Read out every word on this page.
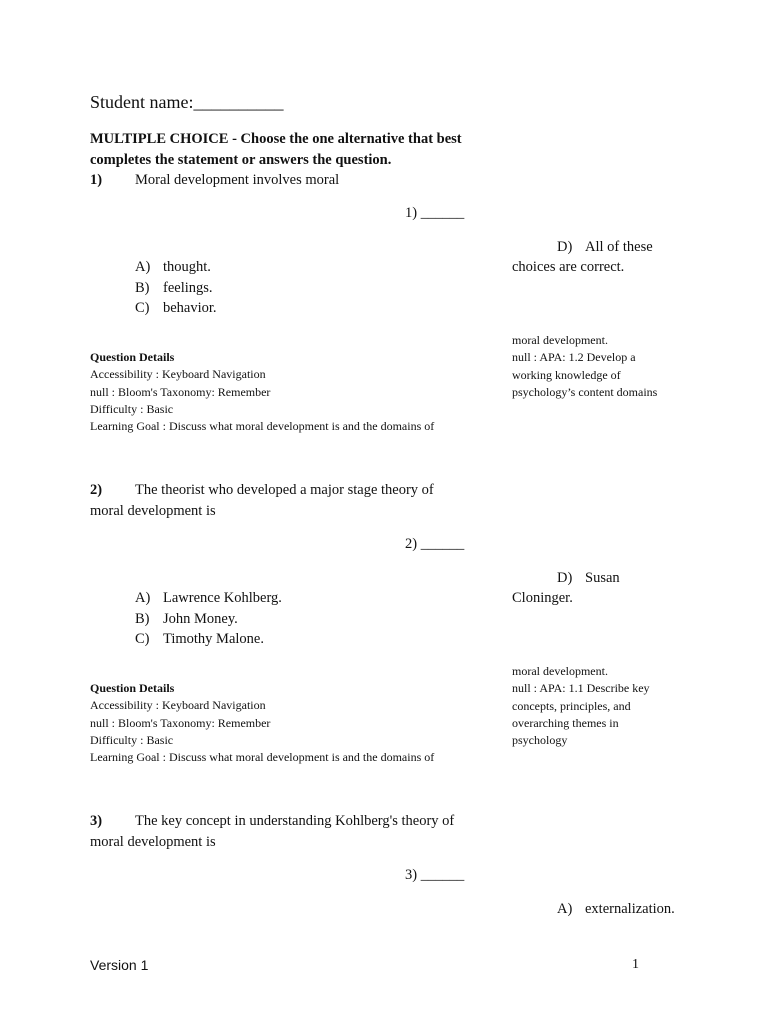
Student name:__________
MULTIPLE CHOICE - Choose the one alternative that best completes the statement or answers the question.
1) Moral development involves moral
1) ______
D) All of these
choices are correct.
A) thought.
B) feelings.
C) behavior.
moral development.
null : APA: 1.2 Develop a
working knowledge of
psychology’s content domains
Question Details
Accessibility : Keyboard Navigation
null : Bloom's Taxonomy: Remember
Difficulty : Basic
Learning Goal : Discuss what moral development is and the domains of
2) The theorist who developed a major stage theory of moral development is
2) ______
D) Susan
Cloninger.
A) Lawrence Kohlberg.
B) John Money.
C) Timothy Malone.
moral development.
null : APA: 1.1 Describe key
concepts, principles, and
overarching themes in
psychology
Question Details
Accessibility : Keyboard Navigation
null : Bloom's Taxonomy: Remember
Difficulty : Basic
Learning Goal : Discuss what moral development is and the domains of
3) The key concept in understanding Kohlberg's theory of moral development is
3) ______
A) externalization.
Version 1	1
